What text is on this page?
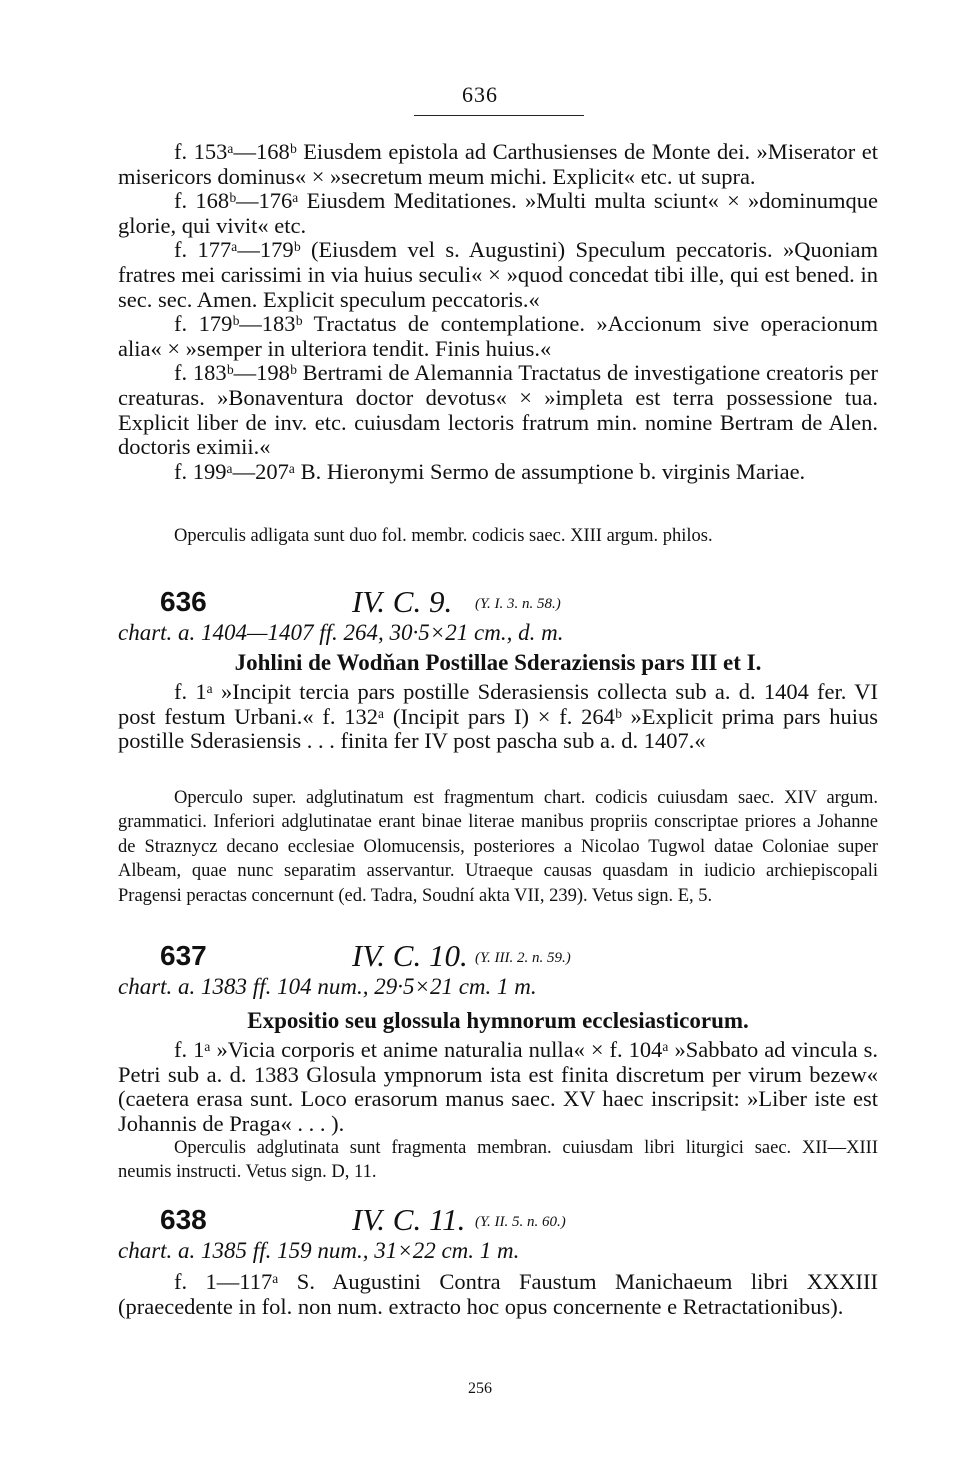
636
f. 153ᵃ—168ᵇ Eiusdem epistola ad Carthusienses de Monte dei. »Miserator et misericors dominus« × »secretum meum michi. Explicit« etc. ut supra.
f. 168ᵇ—176ᵃ Eiusdem Meditationes. »Multi multa sciunt« × »dominumque glorie, qui vivit« etc.
f. 177ᵃ—179ᵇ (Eiusdem vel s. Augustini) Speculum peccatoris. »Quoniam fratres mei carissimi in via huius seculi« × »quod concedat tibi ille, qui est bened. in sec. sec. Amen. Explicit speculum peccatoris.«
f. 179ᵇ—183ᵇ Tractatus de contemplatione. »Accionum sive operacionum alia« × »semper in ulteriora tendit. Finis huius.«
f. 183ᵇ—198ᵇ Bertrami de Alemannia Tractatus de investigatione creatoris per creaturas. »Bonaventura doctor devotus« × »impleta est terra possessione tua. Explicit liber de inv. etc. cuiusdam lectoris fratrum min. nomine Bertram de Alen. doctoris eximii.«
f. 199ᵃ—207ᵃ B. Hieronymi Sermo de assumptione b. virginis Mariae.
Operculis adligata sunt duo fol. membr. codicis saec. XIII argum. philos.
636	IV. C. 9. (Y. I. 3. n. 58.)
chart. a. 1404—1407 ff. 264, 30·5×21 cm., d. m.
Johlini de Wodňan Postillae Sderaziensis pars III et I.
f. 1ᵃ »Incipit tercia pars postille Sderasiensis collecta sub a. d. 1404 fer. VI post festum Urbani.« f. 132ᵃ (Incipit pars I) × f. 264ᵇ »Explicit prima pars huius postille Sderasiensis . . . finita fer IV post pascha sub a. d. 1407.«
Operculo super. adglutinatum est fragmentum chart. codicis cuiusdam saec. XIV argum. grammatici. Inferiori adglutinatae erant binae literae manibus propriis conscriptae priores a Johanne de Straznycz decano ecclesiae Olomucensis, posteriores a Nicolao Tugwol datae Coloniae super Albeam, quae nunc separatim asservantur. Utraeque causas quasdam in iudicio archiepiscopali Pragensi peractas concernunt (ed. Tadra, Soudní akta VII, 239). Vetus sign. E, 5.
637	IV. C. 10. (Y. III. 2. n. 59.)
chart. a. 1383 ff. 104 num., 29·5×21 cm. 1 m.
Expositio seu glossula hymnorum ecclesiasticorum.
f. 1ᵃ »Vicia corporis et anime naturalia nulla« × f. 104ᵃ »Sabbato ad vincula s. Petri sub a. d. 1383 Glosula ympnorum ista est finita discretum per virum bezew« (caetera erasa sunt. Loco erasorum manus saec. XV haec inscripsit: »Liber iste est Johannis de Praga« . . . ).
Operculis adglutinata sunt fragmenta membran. cuiusdam libri liturgici saec. XII—XIII neumis instructi. Vetus sign. D, 11.
638	IV. C. 11. (Y. II. 5. n. 60.)
chart. a. 1385 ff. 159 num., 31×22 cm. 1 m.
f. 1—117ᵃ S. Augustini Contra Faustum Manichaeum libri XXXIII (praecedente in fol. non num. extracto hoc opus concernente e Retractationibus).
256
